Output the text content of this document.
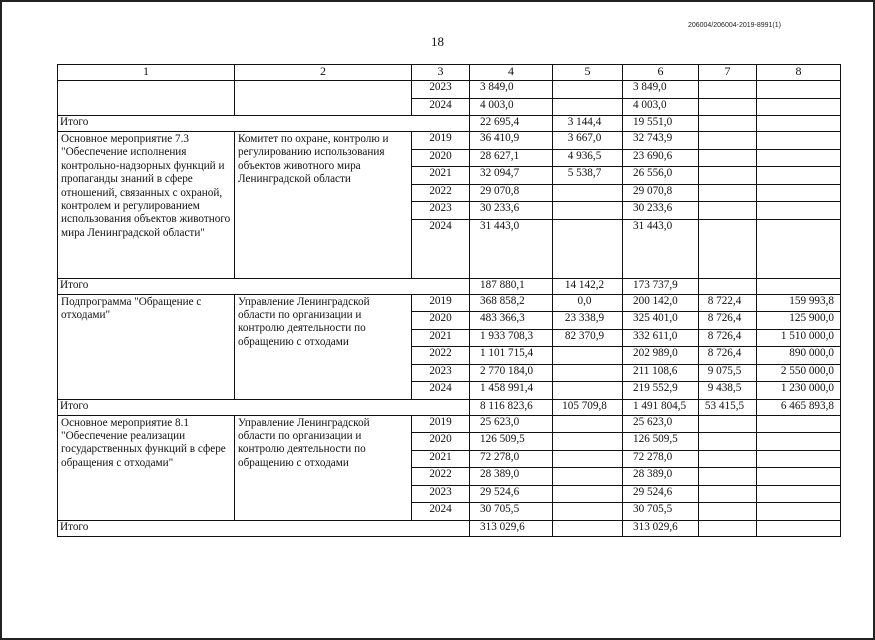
206004/206004-2019-8991(1)
18
1	2	3	4	5	6	7	8
		2023	3 849,0		3 849,0		
		2024	4 003,0		4 003,0		
Итого			22 695,4	3 144,4	19 551,0		
Основное мероприятие 7.3 "Обеспечение исполнения контрольно-надзорных функций и пропаганды знаний в сфере отношений, связанных с охраной, контролем и регулированием использования объектов животного мира Ленинградской области"	Комитет по охране, контролю и регулированию использования объектов животного мира Ленинградской области	2019	36 410,9	3 667,0	32 743,9		
		2020	28 627,1	4 936,5	23 690,6		
		2021	32 094,7	5 538,7	26 556,0		
		2022	29 070,8		29 070,8		
		2023	30 233,6		30 233,6		
		2024	31 443,0		31 443,0		
Итого			187 880,1	14 142,2	173 737,9		
Подпрограмма "Обращение с отходами"	Управление Ленинградской области по организации и контролю деятельности по обращению с отходами	2019	368 858,2	0,0	200 142,0	8 722,4	159 993,8
		2020	483 366,3	23 338,9	325 401,0	8 726,4	125 900,0
		2021	1 933 708,3	82 370,9	332 611,0	8 726,4	1 510 000,0
		2022	1 101 715,4		202 989,0	8 726,4	890 000,0
		2023	2 770 184,0		211 108,6	9 075,5	2 550 000,0
		2024	1 458 991,4		219 552,9	9 438,5	1 230 000,0
Итого			8 116 823,6	105 709,8	1 491 804,5	53 415,5	6 465 893,8
Основное мероприятие 8.1 "Обеспечение реализации государственных функций в сфере обращения с отходами"	Управление Ленинградской области по организации и контролю деятельности по обращению с отходами	2019	25 623,0		25 623,0		
		2020	126 509,5		126 509,5		
		2021	72 278,0		72 278,0		
		2022	28 389,0		28 389,0		
		2023	29 524,6		29 524,6		
		2024	30 705,5		30 705,5		
Итого			313 029,6		313 029,6		
